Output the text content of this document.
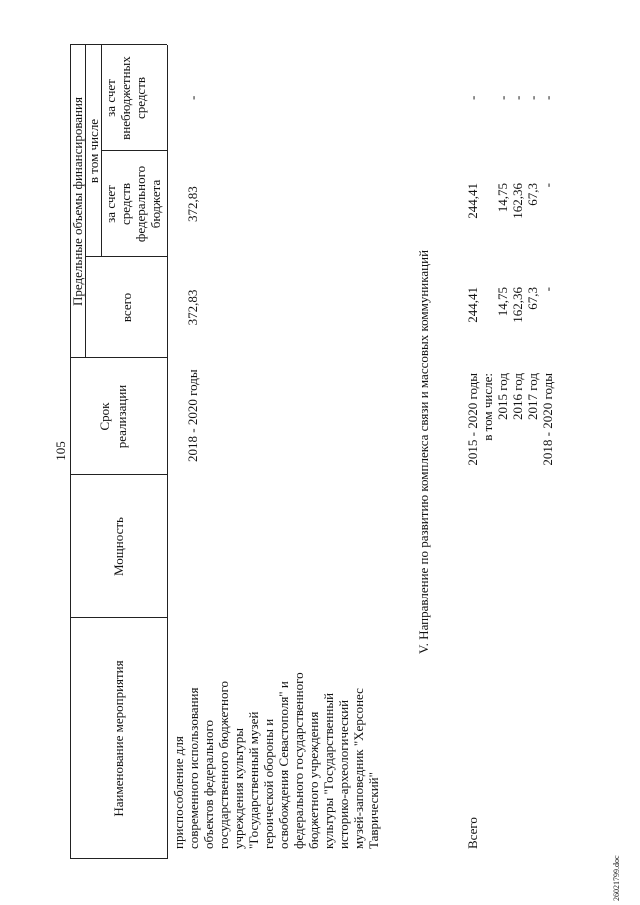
105
Наименование мероприятия
Мощность
Срок реализации
Предельные объемы финансирования
всего
в том числе
за счет средств федерального бюджета
за счет внебюджетных средств
приспособление для современного использования объектов федерального государственного бюджетного учреждения культуры "Государственный музей героической обороны и освобождения Севастополя" и федерального государственного бюджетного учреждения культуры "Государственный историко-археологический музей-заповедник "Херсонес Таврический"
2018 - 2020 годы
372,83
372,83
-
V. Направление по развитию комплекса связи и массовых коммуникаций
Всего
2015 - 2020 годы в том числе: 2015 год 2016 год 2017 год 2018 - 2020 годы
244,41 14,75 162,36 67,3 -
244,41 14,75 162,36 67,3 -
- - - - -
26021799.doc
